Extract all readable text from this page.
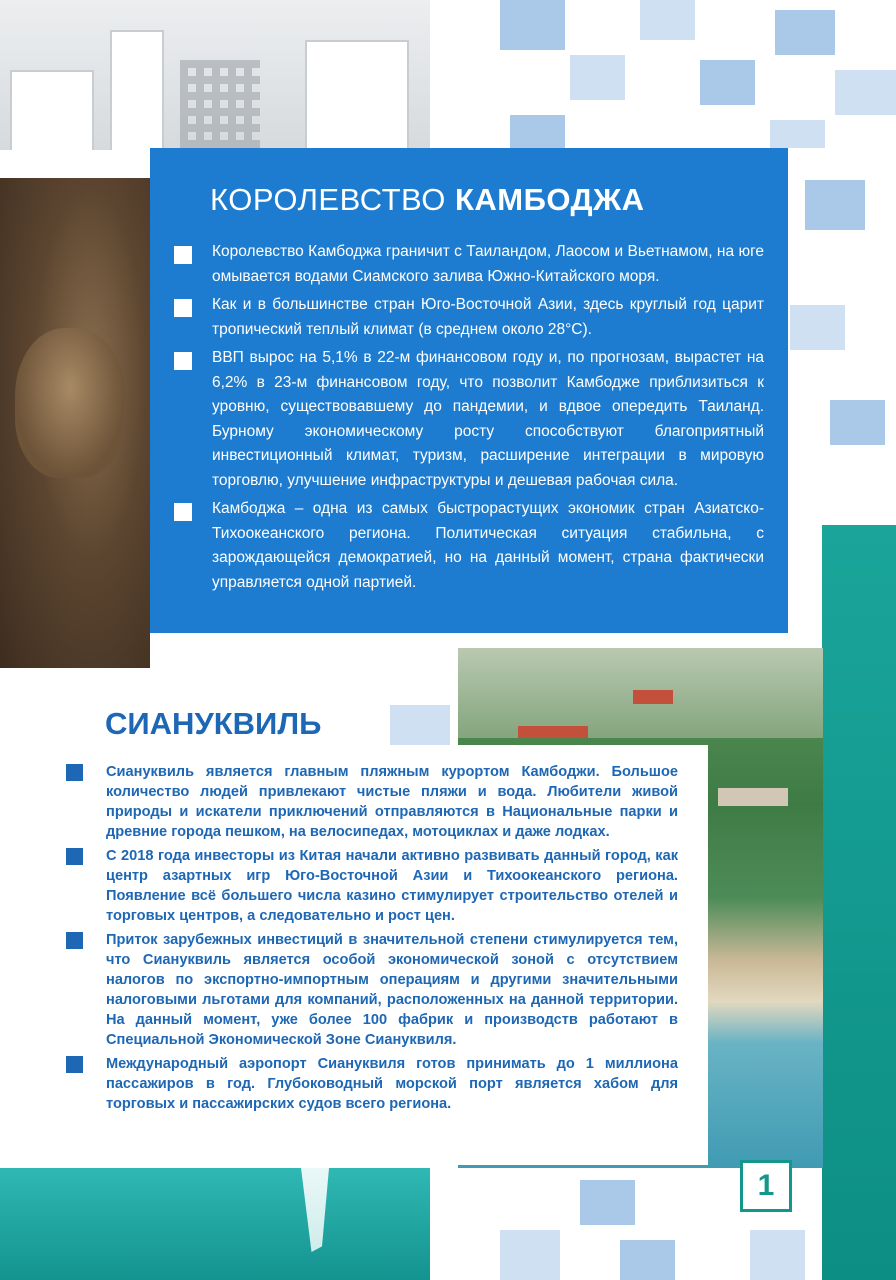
КОРОЛЕВСТВО КАМБОДЖА
Королевство Камбоджа граничит с Таиландом, Лаосом и Вьетнамом, на юге омывается водами Сиамского залива Южно-Китайского моря.
Как и в большинстве стран Юго-Восточной Азии, здесь круглый год царит тропический теплый климат (в среднем около 28°С).
ВВП вырос на 5,1% в 22-м финансовом году и, по прогнозам, вырастет на 6,2% в 23-м финансовом году, что позволит Камбодже приблизиться к уровню, существовавшему до пандемии, и вдвое опередить Таиланд. Бурному экономическому росту способствуют благоприятный инвестиционный климат, туризм, расширение интеграции в мировую торговлю, улучшение инфраструктуры и дешевая рабочая сила.
Камбоджа – одна из самых быстрорастущих экономик стран Азиатско-Тихоокеанского региона. Политическая ситуация стабильна, с зарождающейся демократией, но на данный момент, страна фактически управляется одной партией.
СИАНУКВИЛЬ
Сиануквиль является главным пляжным курортом Камбоджи. Большое количество людей привлекают чистые пляжи и вода. Любители живой природы и искатели приключений отправляются в Национальные парки и древние города пешком, на велосипедах, мотоциклах и даже лодках.
С 2018 года инвесторы из Китая начали активно развивать данный город, как центр азартных игр Юго-Восточной Азии и Тихоокеанского региона. Появление всё большего числа казино стимулирует строительство отелей и торговых центров, а следовательно и рост цен.
Приток зарубежных инвестиций в значительной степени стимулируется тем, что Сиануквиль является особой экономической зоной с отсутствием налогов по экспортно-импортным операциям и другими значительными налоговыми льготами для компаний, расположенных на данной территории. На данный момент, уже более 100 фабрик и производств работают в Специальной Экономической Зоне Сиануквиля.
Международный аэропорт Сиануквиля готов принимать до 1 миллиона пассажиров в год. Глубоководный морской порт является хабом для торговых и пассажирских судов всего региона.
1
